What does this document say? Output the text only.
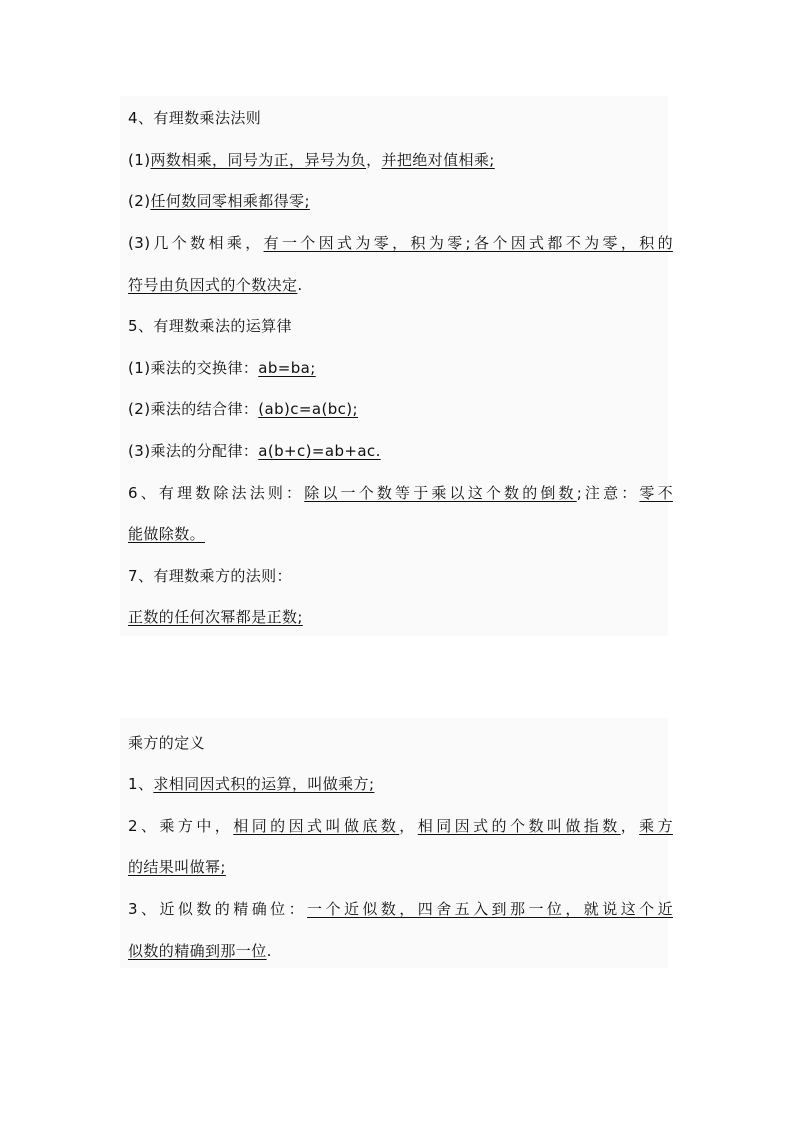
4、有理数乘法法则
(1)两数相乘，同号为正，异号为负，并把绝对值相乘;
(2)任何数同零相乘都得零;
(3)几个数相乘，有一个因式为零，积为零;各个因式都不为零，积的
符号由负因式的个数决定.
5、有理数乘法的运算律
(1)乘法的交换律：ab=ba;
(2)乘法的结合律：(ab)c=a(bc);
(3)乘法的分配律：a(b+c)=ab+ac.
6、有理数除法法则：除以一个数等于乘以这个数的倒数;注意：零不
能做除数。
7、有理数乘方的法则：
正数的任何次幂都是正数;
乘方的定义
1、求相同因式积的运算，叫做乘方;
2、乘方中，相同的因式叫做底数，相同因式的个数叫做指数，乘方
的结果叫做幂;
3、近似数的精确位：一个近似数，四舍五入到那一位，就说这个近
似数的精确到那一位.
